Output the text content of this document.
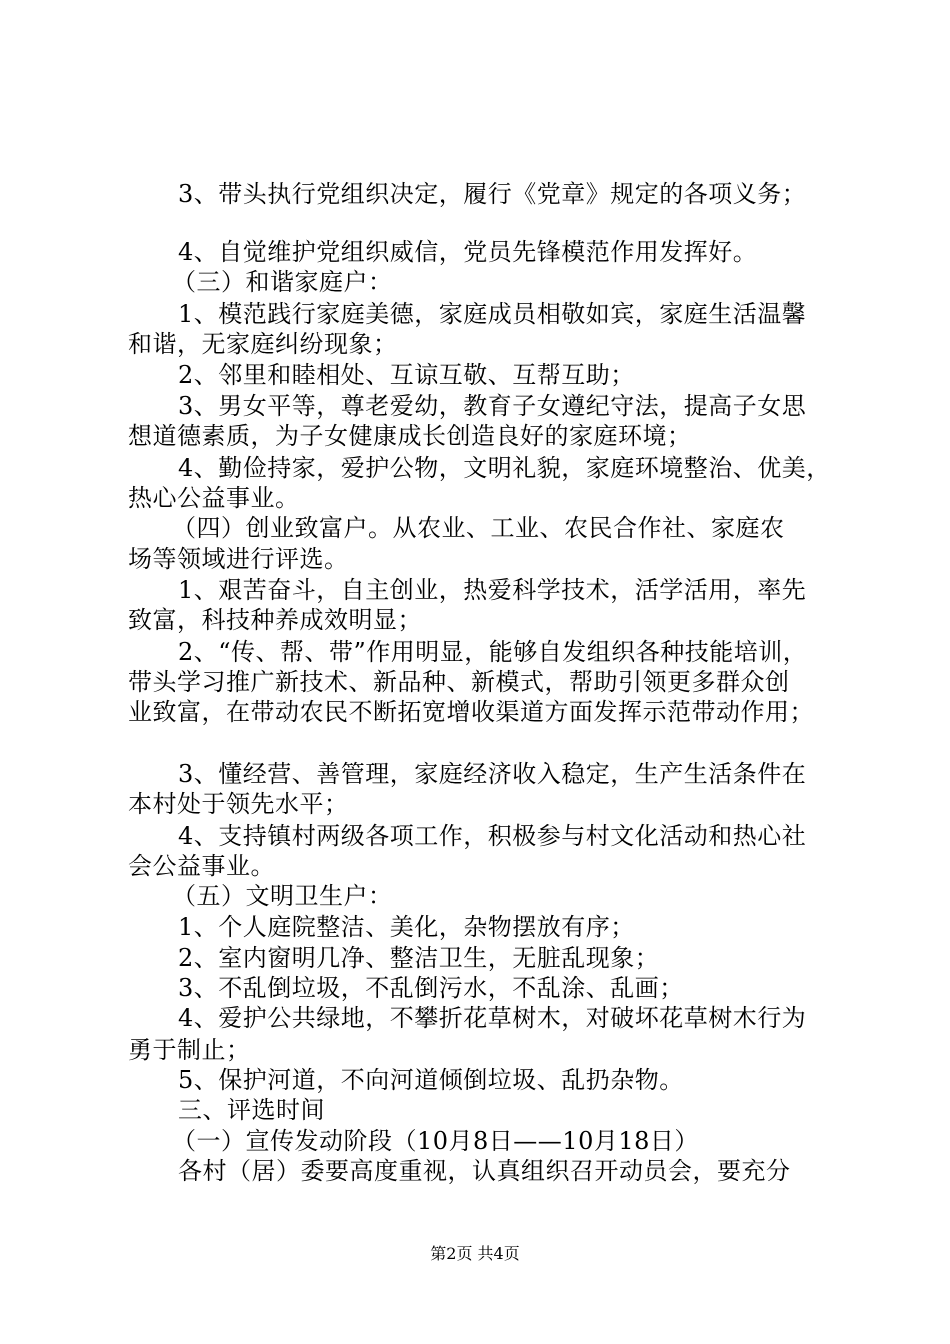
3、带头执行党组织决定，履行《党章》规定的各项义务；
4、自觉维护党组织威信，党员先锋模范作用发挥好。
（三）和谐家庭户：
1、模范践行家庭美德，家庭成员相敬如宾，家庭生活温馨
和谐，无家庭纠纷现象；
2、邻里和睦相处、互谅互敬、互帮互助；
3、男女平等，尊老爱幼，教育子女遵纪守法，提高子女思
想道德素质，为子女健康成长创造良好的家庭环境；
4、勤俭持家，爱护公物，文明礼貌，家庭环境整治、优美，
热心公益事业。
（四）创业致富户。从农业、工业、农民合作社、家庭农
场等领域进行评选。
1、艰苦奋斗，自主创业，热爱科学技术，活学活用，率先
致富，科技种养成效明显；
2、“传、帮、带”作用明显，能够自发组织各种技能培训，
带头学习推广新技术、新品种、新模式，帮助引领更多群众创
业致富，在带动农民不断拓宽增收渠道方面发挥示范带动作用；
3、懂经营、善管理，家庭经济收入稳定，生产生活条件在
本村处于领先水平；
4、支持镇村两级各项工作，积极参与村文化活动和热心社
会公益事业。
（五）文明卫生户：
1、个人庭院整洁、美化，杂物摆放有序；
2、室内窗明几净、整洁卫生，无脏乱现象；
3、不乱倒垃圾，不乱倒污水，不乱涂、乱画；
4、爱护公共绿地，不攀折花草树木，对破坏花草树木行为
勇于制止；
5、保护河道，不向河道倾倒垃圾、乱扔杂物。
三、评选时间
（一）宣传发动阶段（10月8日——10月18日）
各村（居）委要高度重视，认真组织召开动员会，要充分
第2页 共4页
